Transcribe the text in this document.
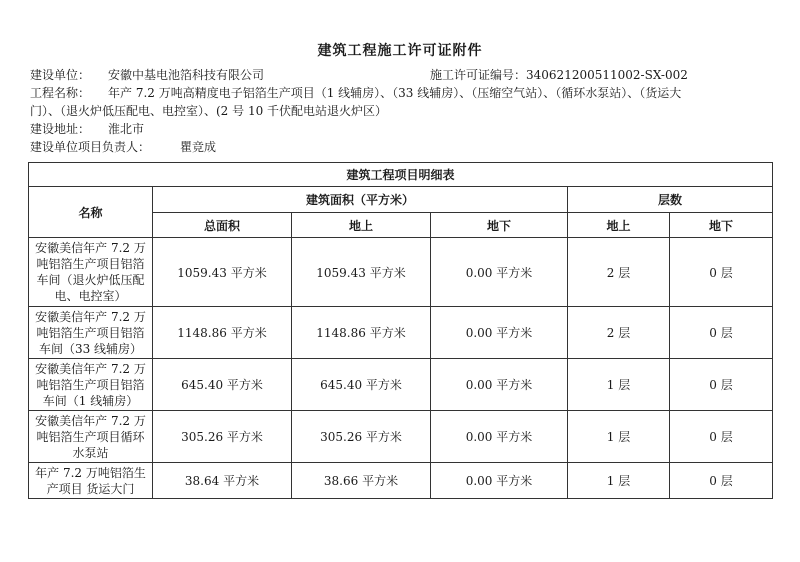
建筑工程施工许可证附件
建设单位： 安徽中基电池箔科技有限公司	施工许可证编号：340621200511002-SX-002
工程名称： 年产 7.2 万吨高精度电子铝箔生产项目（1 线辅房）、（33 线辅房）、（压缩空气站）、（循环水泵站）、（货运大
门）、（退火炉低压配电、电控室）、(2 号 10 千伏配电站退火炉区）
建设地址： 淮北市
建设单位项目负责人： 瞿竞成
建筑工程项目明细表					
名称	建筑面积（平方米）			层数	
	总面积	地上	地下	地上	地下

安徽美信年产 7.2 万
吨铝箔生产项目铝箔
车间（退火炉低压配
电、电控室）	1059.43 平方米	1059.43 平方米	0.00 平方米	2 层	0 层

安徽美信年产 7.2 万
吨铝箔生产项目铝箔
车间（33 线辅房）	1148.86 平方米	1148.86 平方米	0.00 平方米	2 层	0 层

安徽美信年产 7.2 万
吨铝箔生产项目铝箔
车间（1 线辅房）	645.40 平方米	645.40 平方米	0.00 平方米	1 层	0 层

安徽美信年产 7.2 万
吨铝箔生产项目循环
水泵站	305.26 平方米	305.26 平方米	0.00 平方米	1 层	0 层

年产 7.2 万吨铝箔生
产项目 货运大门	38.64 平方米	38.66 平方米	0.00 平方米	1 层	0 层
